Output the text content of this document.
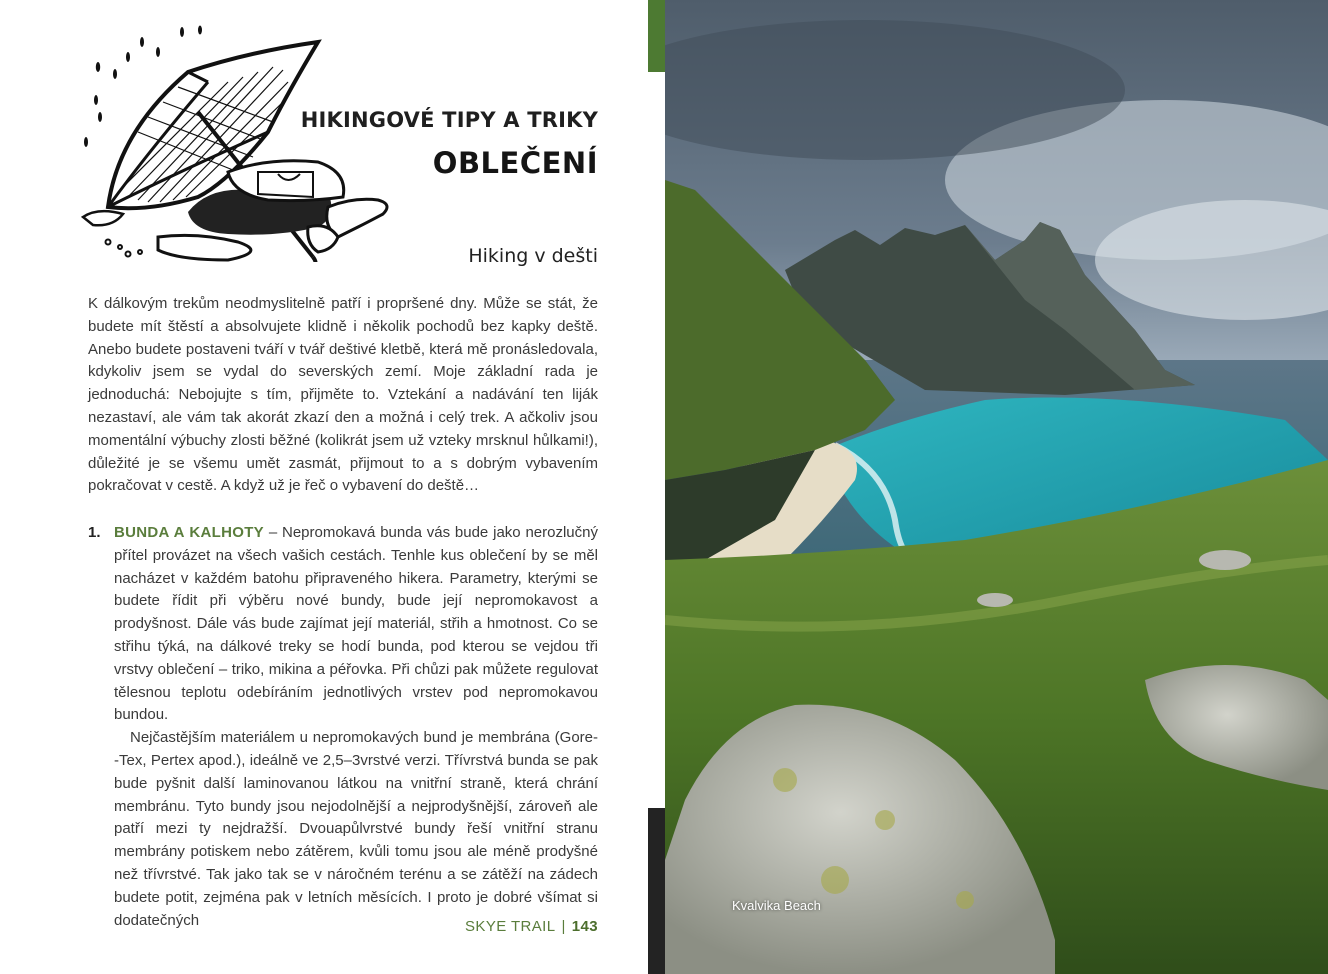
HIKINGOVÉ TIPY A TRIKY
OBLEČENÍ
Hiking v dešti

K dálkovým trekům neodmyslitelně patří i propršené dny. Může se stát, že budete mít štěstí a absolvujete klidně i několik pochodů bez kapky deště. Anebo budete postaveni tváří v tvář deštivé kletbě, která mě pronásledovala, kdykoliv jsem se vydal do severských zemí. Moje základní rada je jednoduchá: Nebojujte s tím, přijměte to. Vztekání a nadávání ten liják nezastaví, ale vám tak akorát zkazí den a možná i celý trek. A ačkoliv jsou momentální výbuchy zlosti běžné (kolikrát jsem už vzteky mrsknul hůlkami!), důležité je se všemu umět zasmát, přijmout to a s dobrým vybavením pokračovat v cestě. A když už je řeč o vybavení do deště…

1. BUNDA A KALHOTY – Nepromokavá bunda vás bude jako nerozlučný přítel provázet na všech vašich cestách. Tenhle kus oblečení by se měl nacházet v každém batohu připraveného hikera. Parametry, kterými se budete řídit při výběru nové bundy, bude její nepromokavost a prodyšnost. Dále vás bude zajímat její materiál, střih a hmotnost. Co se střihu týká, na dálkové treky se hodí bunda, pod kterou se vejdou tři vrstvy oblečení – triko, mikina a péřovka. Při chůzi pak můžete regulovat tělesnou teplotu odebíráním jednotlivých vrstev pod nepromokavou bundou.

Nejčastějším materiálem u nepromokavých bund je membrána (Gore--Tex, Pertex apod.), ideálně ve 2,5–3vrstvé verzi. Třívrstvá bunda se pak bude pyšnit další laminovanou látkou na vnitřní straně, která chrání membránu. Tyto bundy jsou nejodolnější a nejprodyšnější, zároveň ale patří mezi ty nejdražší. Dvouapůlvrstvé bundy řeší vnitřní stranu membrány potiskem nebo zátěrem, kvůli tomu jsou ale méně prodyšné než třívrstvé. Tak jako tak se v náročném terénu a se zátěží na zádech budete potit, zejména pak v letních měsících. I proto je dobré všímat si dodatečných	SKYE TRAIL | 143
Kvalvika Beach
